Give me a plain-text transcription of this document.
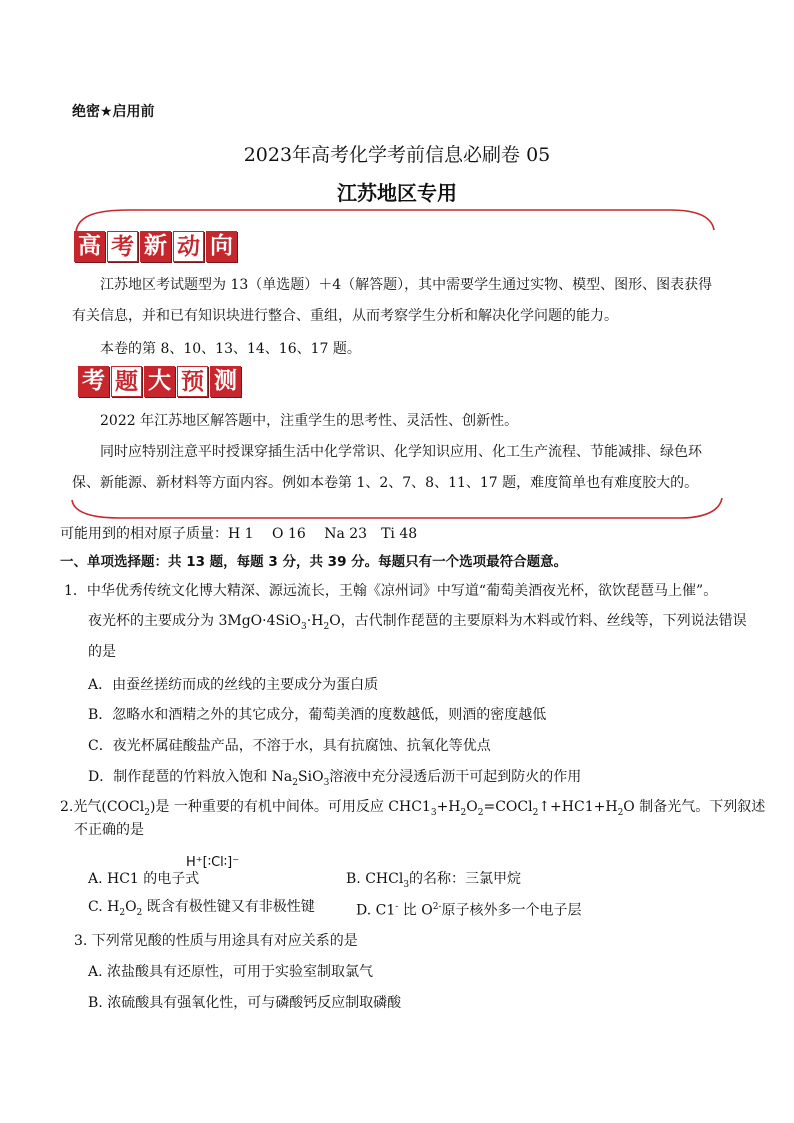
绝密★启用前
2023年高考化学考前信息必刷卷 05
江苏地区专用
高 考 新 动 向
江苏地区考试题型为 13（单选题）＋4（解答题），其中需要学生通过实物、模型、图形、图表获得有关信息，并和已有知识块进行整合、重组，从而考察学生分析和解决化学问题的能力。
本卷的第 8、10、13、14、16、17 题。
考 题 大 预 测
2022 年江苏地区解答题中，注重学生的思考性、灵活性、创新性。
同时应特别注意平时授课穿插生活中化学常识、化学知识应用、化工生产流程、节能减排、绿色环保、新能源、新材料等方面内容。例如本卷第 1、2、7、8、11、17 题，难度简单也有难度胶大的。
可能用到的相对原子质量：H 1　 O 16　 Na 23　Ti 48
一、单项选择题：共 13 题，每题 3 分，共 39 分。每题只有一个选项最符合题意。
1．中华优秀传统文化博大精深、源远流长，王翰《凉州词》中写道“葡萄美酒夜光杯，欲饮琵琶马上催”。
夜光杯的主要成分为 $3MgO\cdot 4SiO_3\cdot H_2O$，古代制作琵琶的主要原料为木料或竹料、丝线等，下列说法错误
的是
A．由蚕丝搓纺而成的丝线的主要成分为蛋白质
B．忽略水和酒精之外的其它成分，葡萄美酒的度数越低，则酒的密度越低
C．夜光杯属硅酸盐产品，不溶于水，具有抗腐蚀、抗氧化等优点
D．制作琵琶的竹料放入饱和 $Na_2SiO_3$溶液中充分浸透后沥干可起到防火的作用
2.光气(COCl$_2$)是 一种重要的有机中间体。可用反应 $CHC1_3+H_2O_2=COCl_2↑+HC1+H_2O$ 制备光气。下列叙述
不正确的是
A. HC1 的电子式
H⁺[∶Cl∶]⁻
B. CHCl$_3$的名称：三氯甲烷
C. $H_2O_2$ 既含有极性键又有非极性键	D. C1- 比 $O^{2-}$原子核外多一个电子层
3. 下列常见酸的性质与用途具有对应关系的是
A. 浓盐酸具有还原性，可用于实验室制取氯气
B. 浓硫酸具有强氧化性，可与磷酸钙反应制取磷酸
